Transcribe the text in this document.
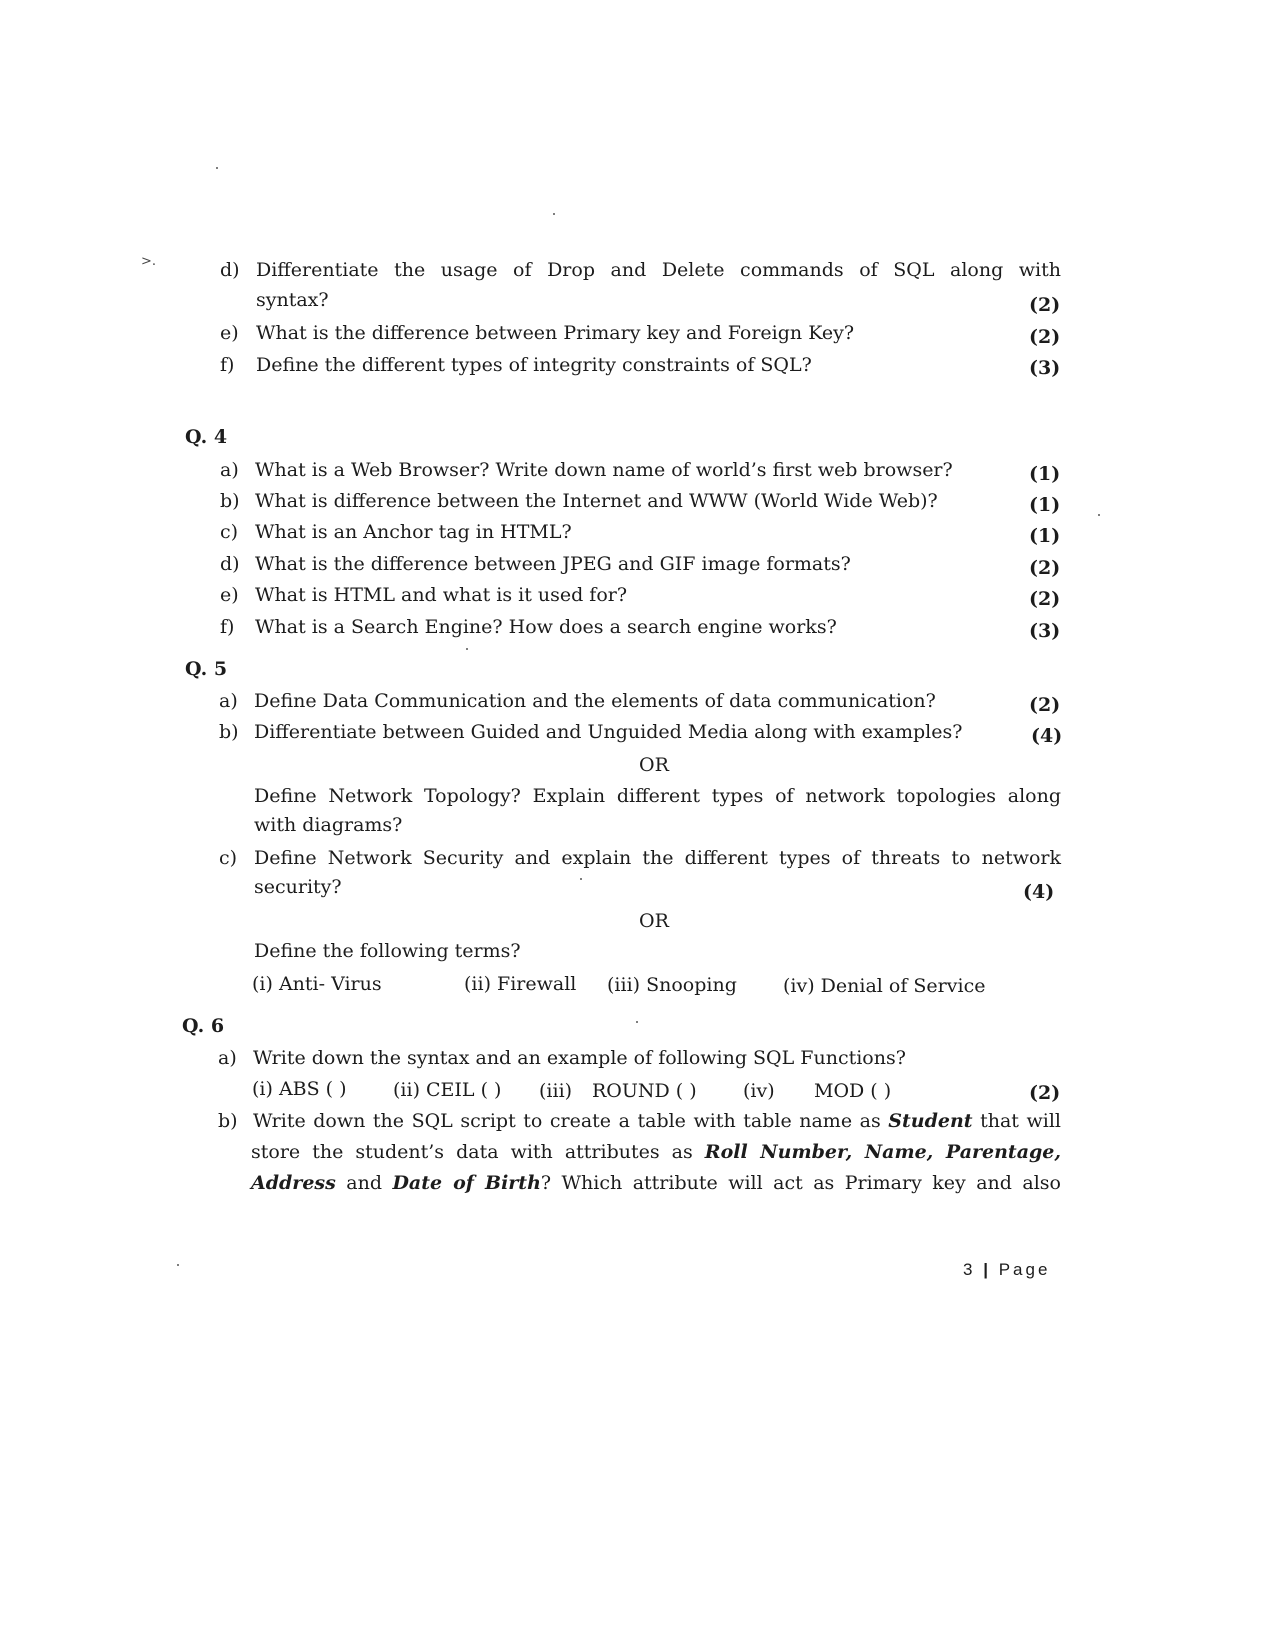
>.	d) Differentiate the usage of Drop and Delete commands of SQL along with
syntax?	(2)
e) What is the difference between Primary key and Foreign Key?	(2)
f) Define the different types of integrity constraints of SQL?	(3)
Q. 4
a) What is a Web Browser? Write down name of world’s first web browser?	(1)
b) What is difference between the Internet and WWW (World Wide Web)?	(1)
c) What is an Anchor tag in HTML?	(1)
d) What is the difference between JPEG and GIF image formats?	(2)
e) What is HTML and what is it used for?	(2)
f) What is a Search Engine? How does a search engine works?	(3)
Q. 5
a) Define Data Communication and the elements of data communication?	(2)
b) Differentiate between Guided and Unguided Media along with examples?	(4)
OR
Define Network Topology? Explain different types of network topologies along
with diagrams?
c) Define Network Security and explain the different types of threats to network
security?	(4)
OR
Define the following terms?
(i) Anti- Virus	(ii) Firewall (iii) Snooping (iv) Denial of Service
Q. 6
a) Write down the syntax and an example of following SQL Functions?
(i) ABS ( ) (ii) CEIL ( ) (iii) ROUND ( ) (iv) MOD ( )	(2)
b) Write down the SQL script to create a table with table name as Student that will
store the student’s data with attributes as Roll Number, Name, Parentage,
Address and Date of Birth? Which attribute will act as Primary key and also
3 | Page
